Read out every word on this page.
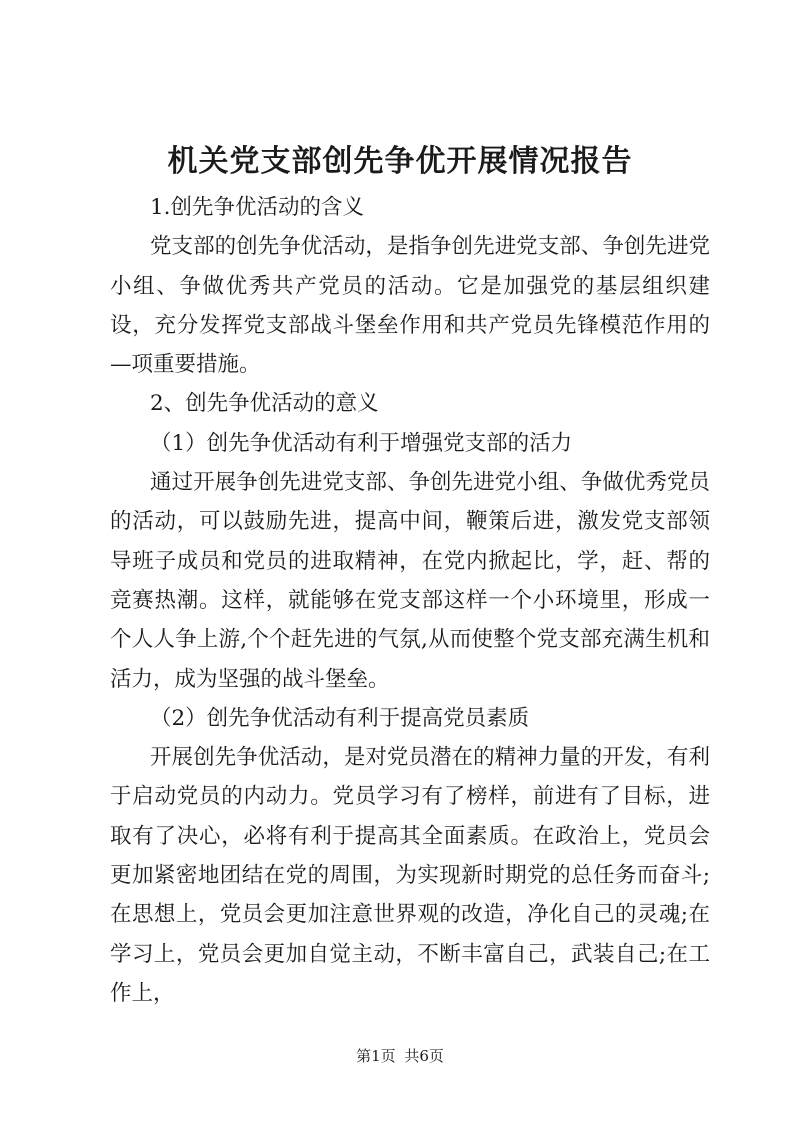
机关党支部创先争优开展情况报告

1.创先争优活动的含义

党支部的创先争优活动，是指争创先进党支部、争创先进党小组、争做优秀共产党员的活动。它是加强党的基层组织建设，充分发挥党支部战斗堡垒作用和共产党员先锋模范作用的—项重要措施。

2、创先争优活动的意义

（1）创先争优活动有利于增强党支部的活力

通过开展争创先进党支部、争创先进党小组、争做优秀党员的活动，可以鼓励先进，提高中间，鞭策后进，激发党支部领导班子成员和党员的进取精神，在党内掀起比，学，赶、帮的竞赛热潮。这样，就能够在党支部这样一个小环境里，形成一个人人争上游,个个赶先进的气氛,从而使整个党支部充满生机和活力，成为坚强的战斗堡垒。

（2）创先争优活动有利于提高党员素质

开展创先争优活动，是对党员潜在的精神力量的开发，有利于启动党员的内动力。党员学习有了榜样，前进有了目标，进取有了决心，必将有利于提高其全面素质。在政治上，党员会更加紧密地团结在党的周围，为实现新时期党的总任务而奋斗;在思想上，党员会更加注意世界观的改造，净化自己的灵魂;在学习上，党员会更加自觉主动，不断丰富自己，武装自己;在工作上，

第1页 共6页
